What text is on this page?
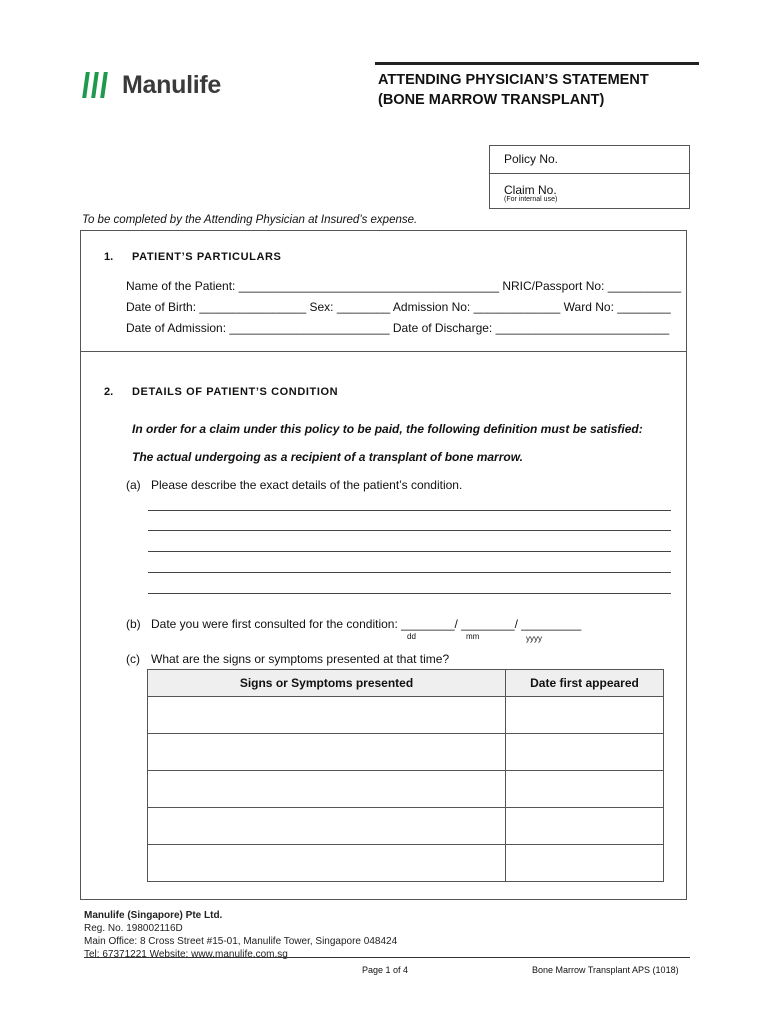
Manulife	ATTENDING PHYSICIAN’S STATEMENT
(BONE MARROW TRANSPLANT)
Policy No.
Claim No.
(For internal use)
To be completed by the Attending Physician at Insured’s expense.
1. PATIENT’S PARTICULARS
Name of the Patient: _______________________________________ NRIC/Passport No: ___________
Date of Birth: ________________ Sex: ________ Admission No: _____________ Ward No: ________
Date of Admission: ________________________ Date of Discharge: __________________________
2. DETAILS OF PATIENT’S CONDITION
In order for a claim under this policy to be paid, the following definition must be satisfied:
The actual undergoing as a recipient of a transplant of bone marrow.
(a) Please describe the exact details of the patient’s condition.
(b) Date you were first consulted for the condition: ________/ ________/ _________
dd	mm	yyyy
(c) What are the signs or symptoms presented at that time?
Signs or Symptoms presented	Date first appeared

Manulife (Singapore) Pte Ltd.
Reg. No. 198002116D
Main Office: 8 Cross Street #15-01, Manulife Tower, Singapore 048424
Tel: 67371221 Website: www.manulife.com.sg
Page 1 of 4	Bone Marrow Transplant APS (1018)
